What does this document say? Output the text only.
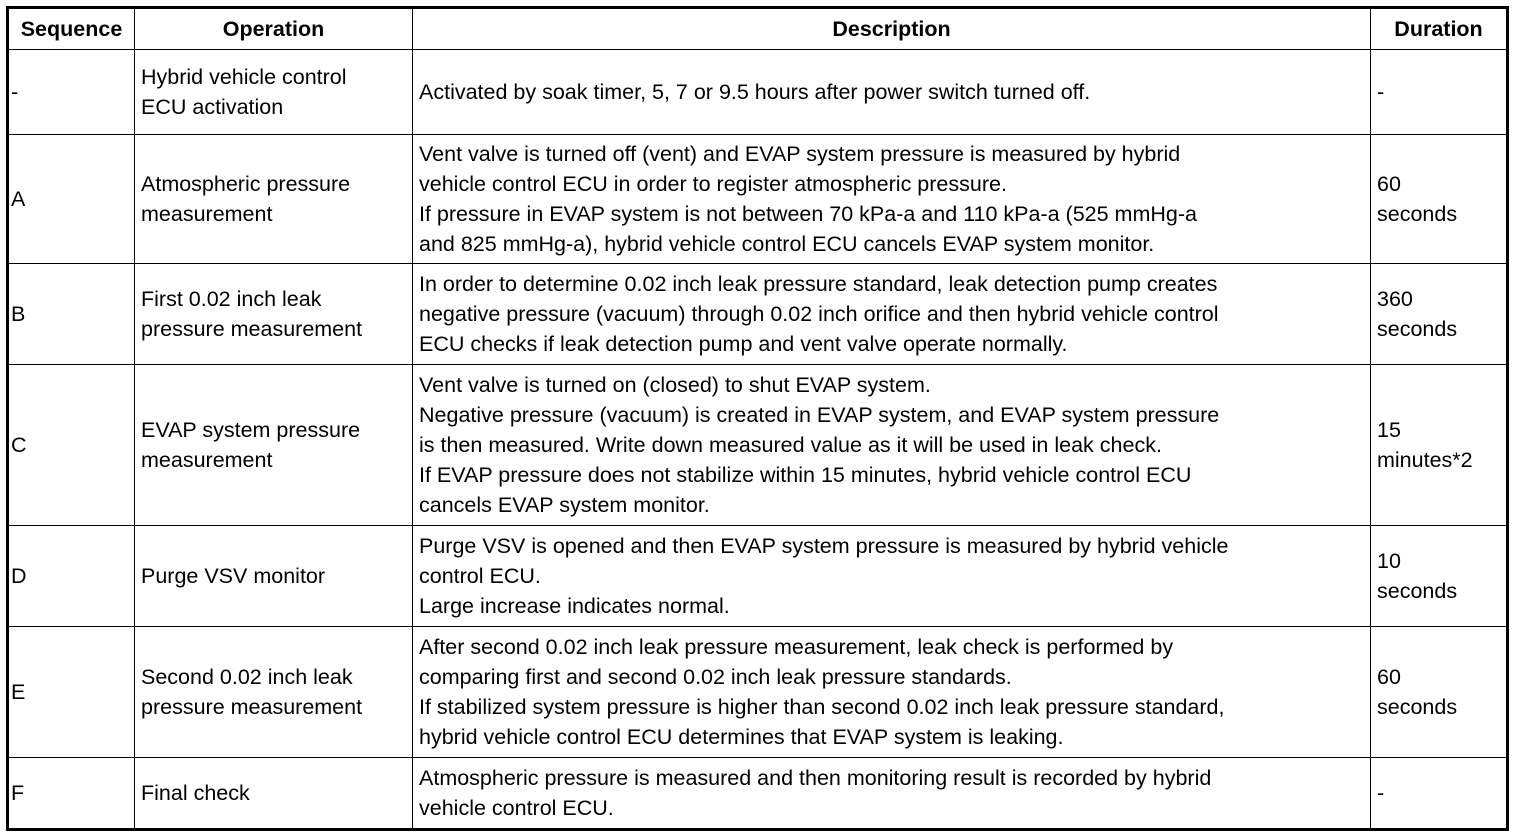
Sequence	Operation	Description	Duration
-	Hybrid vehicle control
ECU activation	Activated by soak timer, 5, 7 or 9.5 hours after power switch turned off.	-

A	Atmospheric pressure
measurement	Vent valve is turned off (vent) and EVAP system pressure is measured by hybrid
vehicle control ECU in order to register atmospheric pressure.
If pressure in EVAP system is not between 70 kPa-a and 110 kPa-a (525 mmHg-a
and 825 mmHg-a), hybrid vehicle control ECU cancels EVAP system monitor.	60
seconds

B	First 0.02 inch leak
pressure measurement	In order to determine 0.02 inch leak pressure standard, leak detection pump creates
negative pressure (vacuum) through 0.02 inch orifice and then hybrid vehicle control
ECU checks if leak detection pump and vent valve operate normally.	360
seconds

C	EVAP system pressure
measurement	Vent valve is turned on (closed) to shut EVAP system.
Negative pressure (vacuum) is created in EVAP system, and EVAP system pressure
is then measured. Write down measured value as it will be used in leak check.
If EVAP pressure does not stabilize within 15 minutes, hybrid vehicle control ECU
cancels EVAP system monitor.	15
minutes*2

D	Purge VSV monitor	Purge VSV is opened and then EVAP system pressure is measured by hybrid vehicle
control ECU.
Large increase indicates normal.	10
seconds

E	Second 0.02 inch leak
pressure measurement	After second 0.02 inch leak pressure measurement, leak check is performed by
comparing first and second 0.02 inch leak pressure standards.
If stabilized system pressure is higher than second 0.02 inch leak pressure standard,
hybrid vehicle control ECU determines that EVAP system is leaking.	60
seconds

F	Final check	Atmospheric pressure is measured and then monitoring result is recorded by hybrid
vehicle control ECU.	-
